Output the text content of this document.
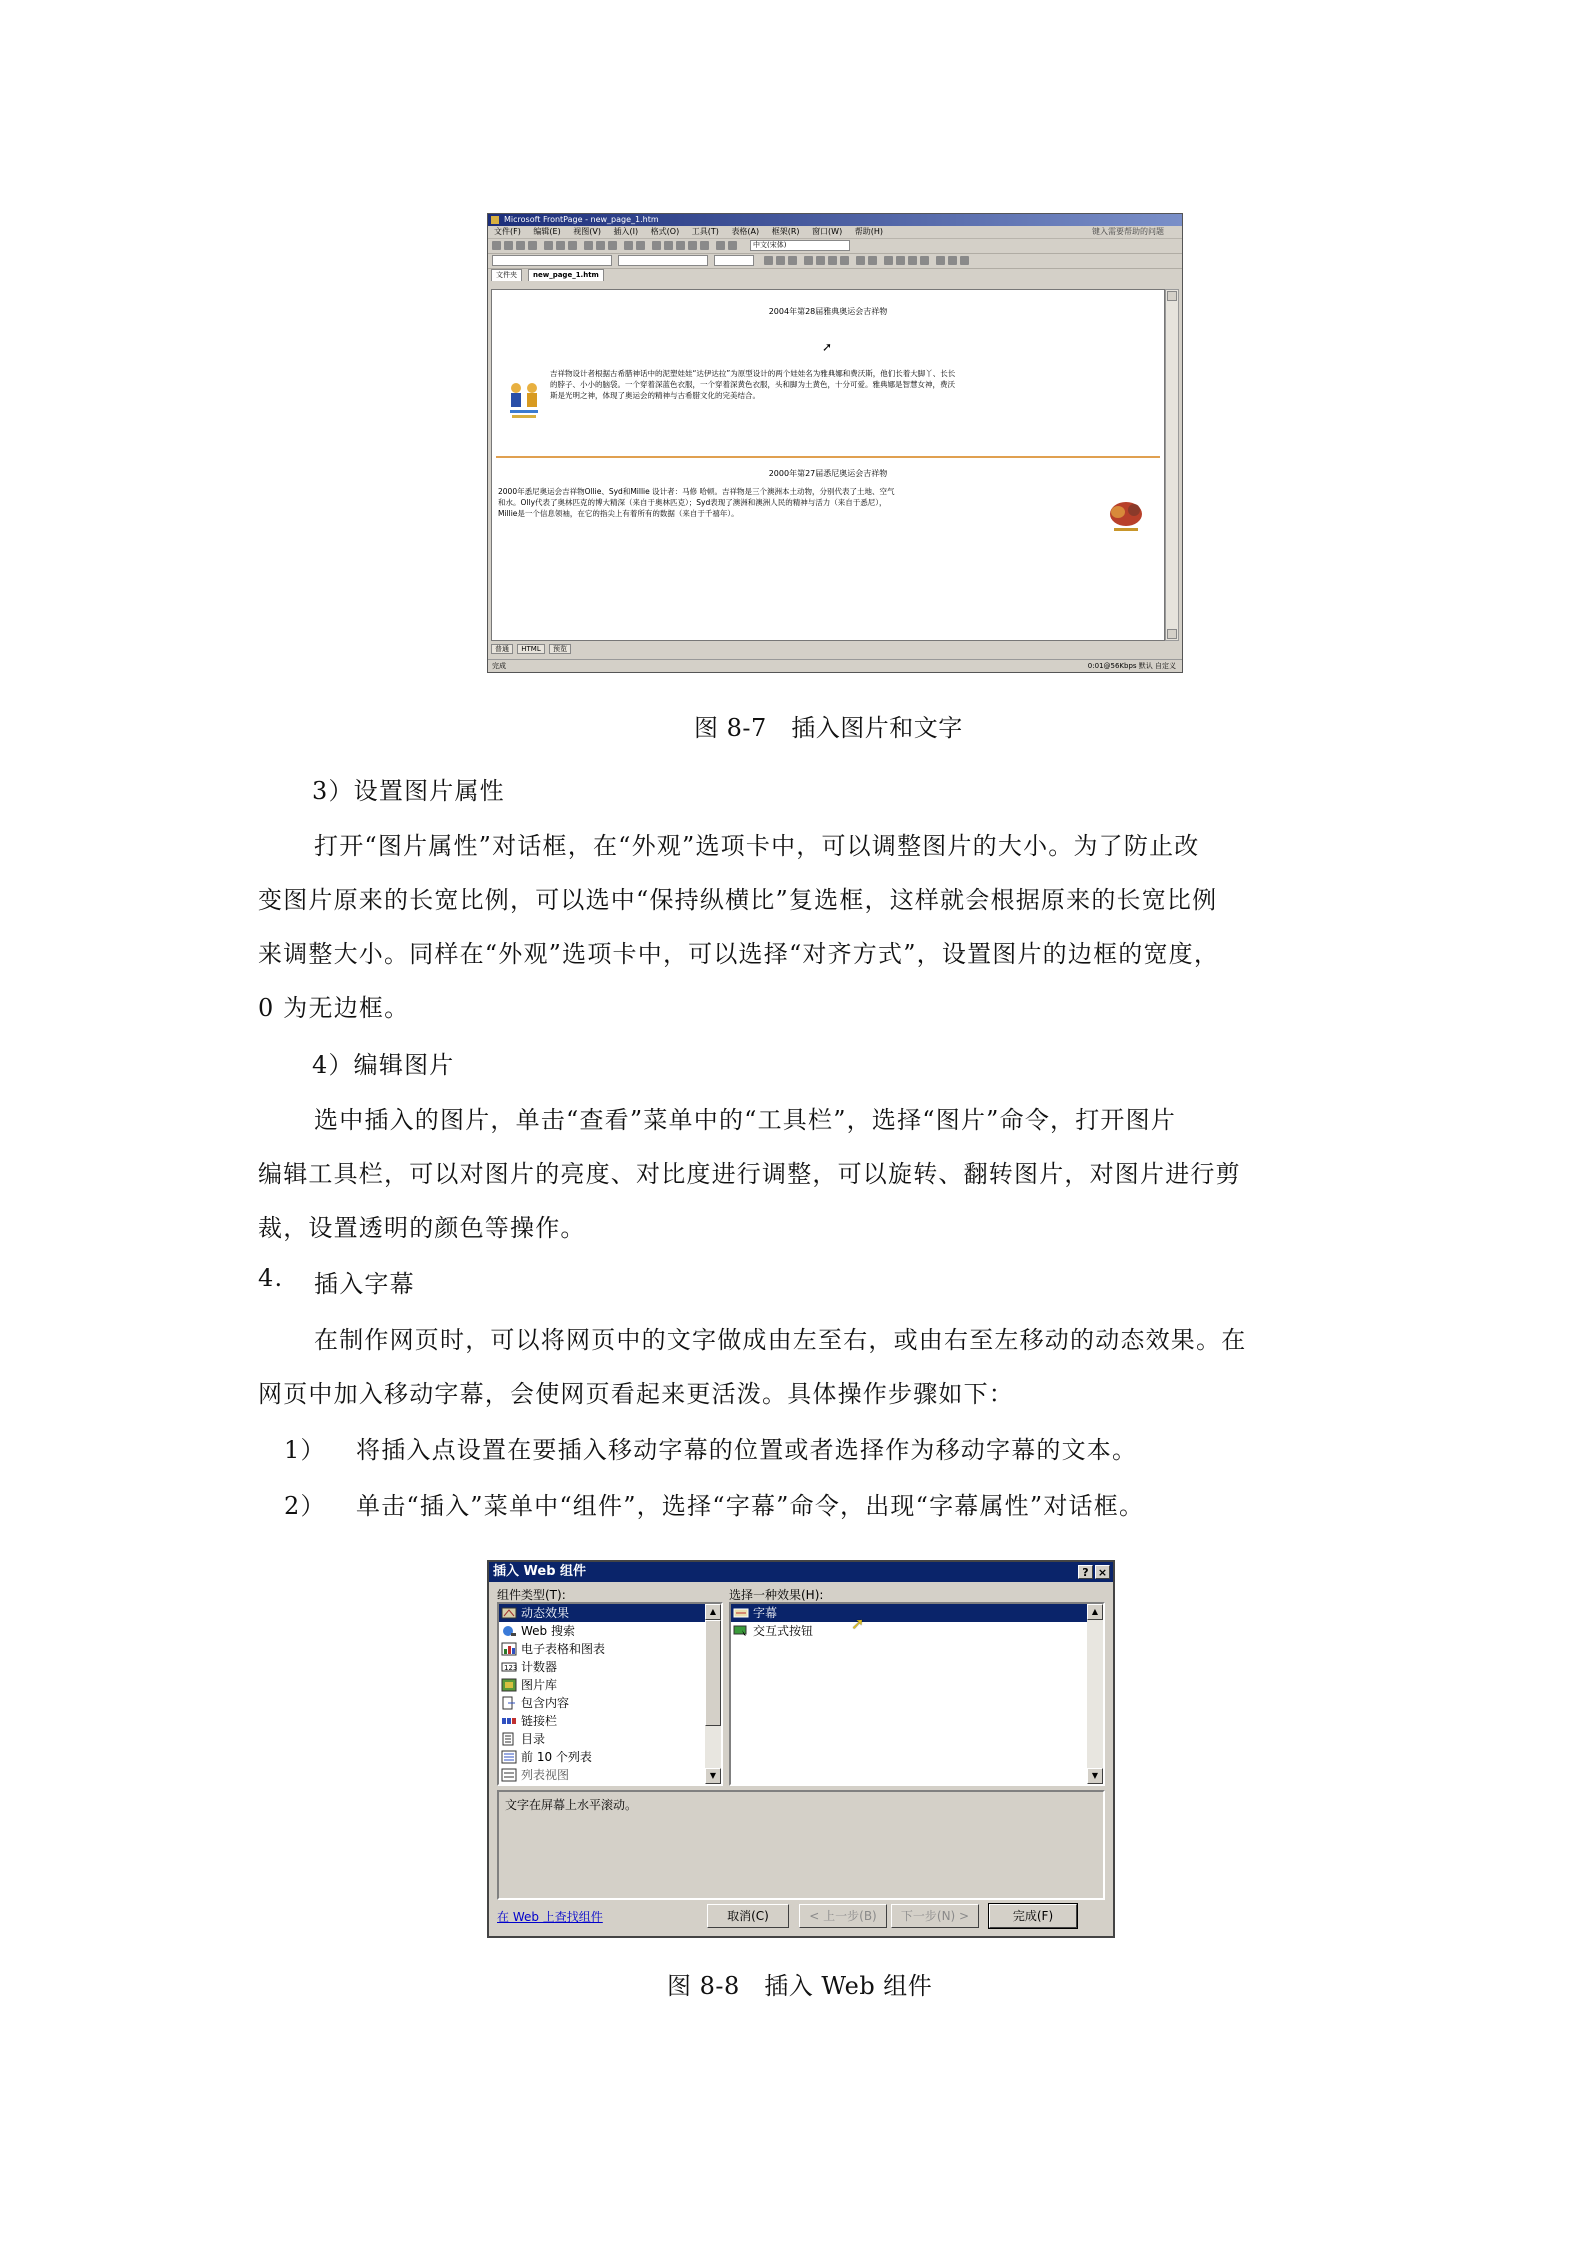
Microsoft FrontPage - new_page_1.htm
文件(F) 编辑(E) 视图(V) 插入(I) 格式(O) 工具(T) 表格(A) 框架(R) 窗口(W) 帮助(H)	键入需要帮助的问题
中文(宋体)
文件夹	new_page_1.htm
2004年第28届雅典奥运会吉祥物
➚
吉祥物设计者根据古希腊神话中的泥塑娃娃“达伊达拉”为原型设计的两个娃娃名为雅典娜和费沃斯，他们长着大脚丫、长长的脖子、小小的脑袋。一个穿着深蓝色衣服，一个穿着深黄色衣服，头和脚为土黄色，十分可爱。雅典娜是智慧女神，费沃斯是光明之神，体现了奥运会的精神与古希腊文化的完美结合。
2000年第27届悉尼奥运会吉祥物
2000年悉尼奥运会吉祥物Ollie、Syd和Millie 设计者：马修 哈顿。吉祥物是三个澳洲本土动物，分别代表了土地、空气和水。Olly代表了奥林匹克的博大精深（来自于奥林匹克）；Syd表现了澳洲和澳洲人民的精神与活力（来自于悉尼），Millie是一个信息领袖，在它的指尖上有着所有的数据（来自于千禧年）。
普通 HTML 预览
完成	0:01@56Kbps 默认 自定义
图 8-7　插入图片和文字
3）设置图片属性
打开“图片属性”对话框，在“外观”选项卡中，可以调整图片的大小。为了防止改
变图片原来的长宽比例，可以选中“保持纵横比”复选框，这样就会根据原来的长宽比例
来调整大小。同样在“外观”选项卡中，可以选择“对齐方式”，设置图片的边框的宽度，
0 为无边框。
4）编辑图片
选中插入的图片，单击“查看”菜单中的“工具栏”，选择“图片”命令，打开图片
编辑工具栏，可以对图片的亮度、对比度进行调整，可以旋转、翻转图片，对图片进行剪
裁，设置透明的颜色等操作。
4. 插入字幕
在制作网页时，可以将网页中的文字做成由左至右，或由右至左移动的动态效果。在
网页中加入移动字幕，会使网页看起来更活泼。具体操作步骤如下：
1） 将插入点设置在要插入移动字幕的位置或者选择作为移动字幕的文本。
2） 单击“插入”菜单中“组件”，选择“字幕”命令，出现“字幕属性”对话框。
插入 Web 组件	? ×
组件类型(T):
动态效果
Web 搜索
电子表格和图表
123 计数器
图片库
包含内容
链接栏
目录
前 10 个列表
列表视图
▲
▼
选择一种效果(H):
字幕
交互式按钮	➚
▲
▼
文字在屏幕上水平滚动。
在 Web 上查找组件	取消(C)	< 上一步(B)	下一步(N) >	完成(F)
图 8-8　插入 Web 组件
